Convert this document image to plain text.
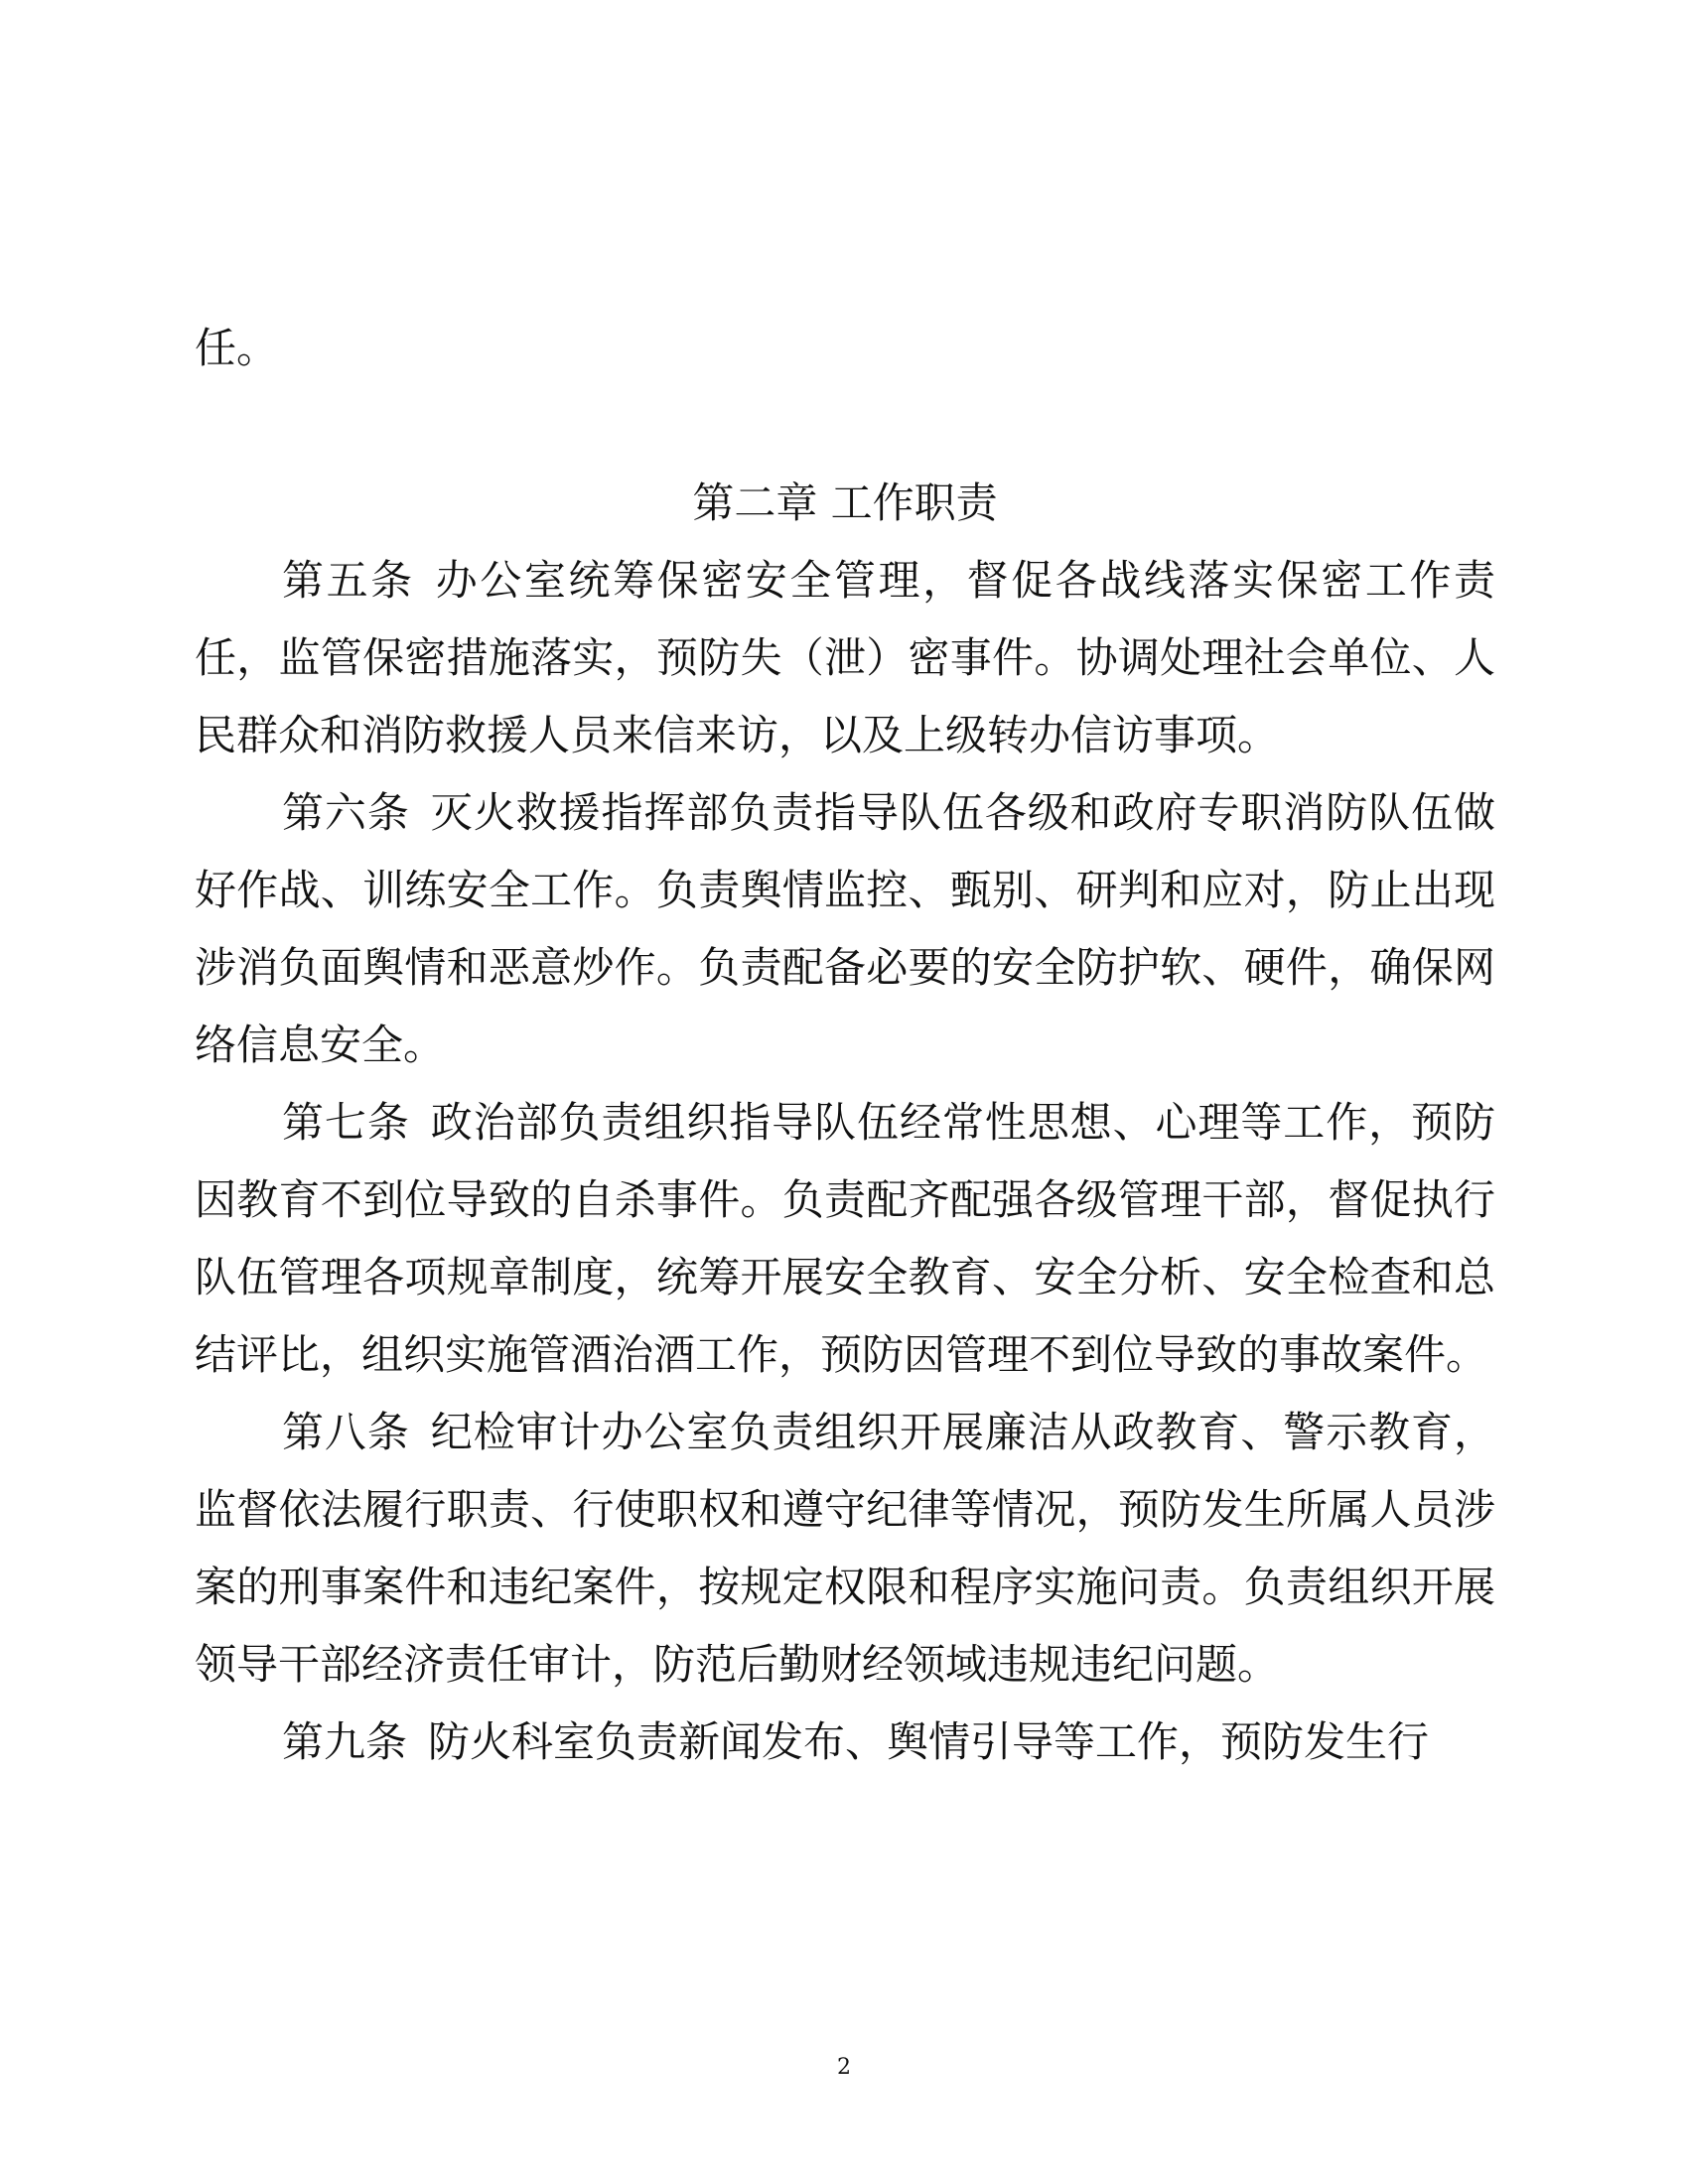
任。

第二章 工作职责

第五条 办公室统筹保密安全管理，督促各战线落实保密工作责任，监管保密措施落实，预防失（泄）密事件。协调处理社会单位、人民群众和消防救援人员来信来访，以及上级转办信访事项。

第六条 灭火救援指挥部负责指导队伍各级和政府专职消防队伍做好作战、训练安全工作。负责舆情监控、甄别、研判和应对，防止出现涉消负面舆情和恶意炒作。负责配备必要的安全防护软、硬件，确保网络信息安全。

第七条 政治部负责组织指导队伍经常性思想、心理等工作，预防因教育不到位导致的自杀事件。负责配齐配强各级管理干部，督促执行队伍管理各项规章制度，统筹开展安全教育、安全分析、安全检查和总结评比，组织实施管酒治酒工作，预防因管理不到位导致的事故案件。

第八条 纪检审计办公室负责组织开展廉洁从政教育、警示教育，监督依法履行职责、行使职权和遵守纪律等情况，预防发生所属人员涉案的刑事案件和违纪案件，按规定权限和程序实施问责。负责组织开展领导干部经济责任审计，防范后勤财经领域违规违纪问题。

第九条 防火科室负责新闻发布、舆情引导等工作，预防发生行

2
